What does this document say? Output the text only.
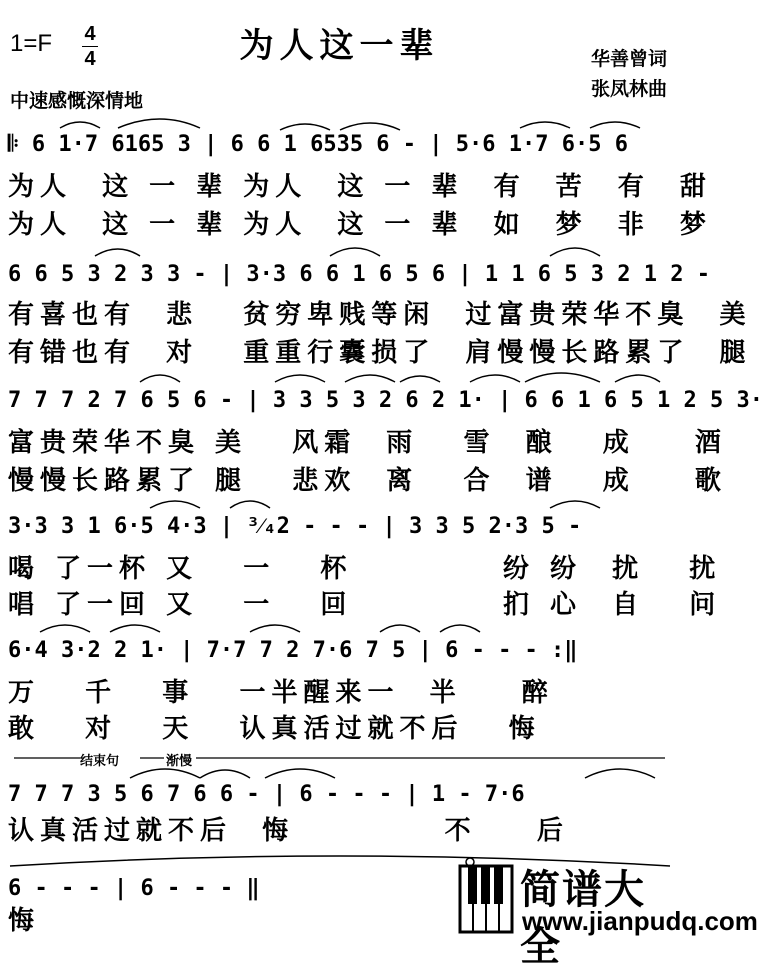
为人这一辈
1=F 4
4
中速感慨深情地
华善曾词
张凤林曲
𝄆 6 1·7 6165 3 | 6 6 1 6535 6 - | 5·6 1·7 6·5 6
为人  这 一 辈 为人  这 一 辈  有  苦  有  甜
为人  这 一 辈 为人  这 一 辈  如  梦  非  梦
6 6 5 3 2 3 3 - | 3·3 6 6 1 6 5 6 | 1 1 6 5 3 2 1 2 -
有喜也有  悲   贫穷卑贱等闲  过富贵荣华不臭  美
有错也有  对   重重行囊损了  肩慢慢长路累了  腿
7 7 7 2 7 6 5 6 - | 3 3 5 3 2 6 2 1· | 6 6 1 6 5 1 2 5 3·
富贵荣华不臭 美   风霜  雨   雪  酿   成    酒
慢慢长路累了 腿   悲欢  离   合  谱   成    歌
3·3 3 1 6·5 4·3 | ³⁄₄2 - - - | 3 3 5 2·3 5 -
喝 了一杯 又   一   杯          纷 纷  扰   扰
唱 了一回 又   一   回          扪 心  自   问
6·4 3·2 2 1· | 7·7 7 2 7·6 7 5 | 6 - - - :‖
万   千   事   一半醒来一  半    醉
敢   对   天   认真活过就不后   悔
结束句	渐慢
7 7 7 3 5 6 7 6 6 - | 6 - - - | 1 - 7·6
认真活过就不后  悔          不    后
6 - - - | 6 - - - ‖
悔
简谱大全
www.jianpudq.com
